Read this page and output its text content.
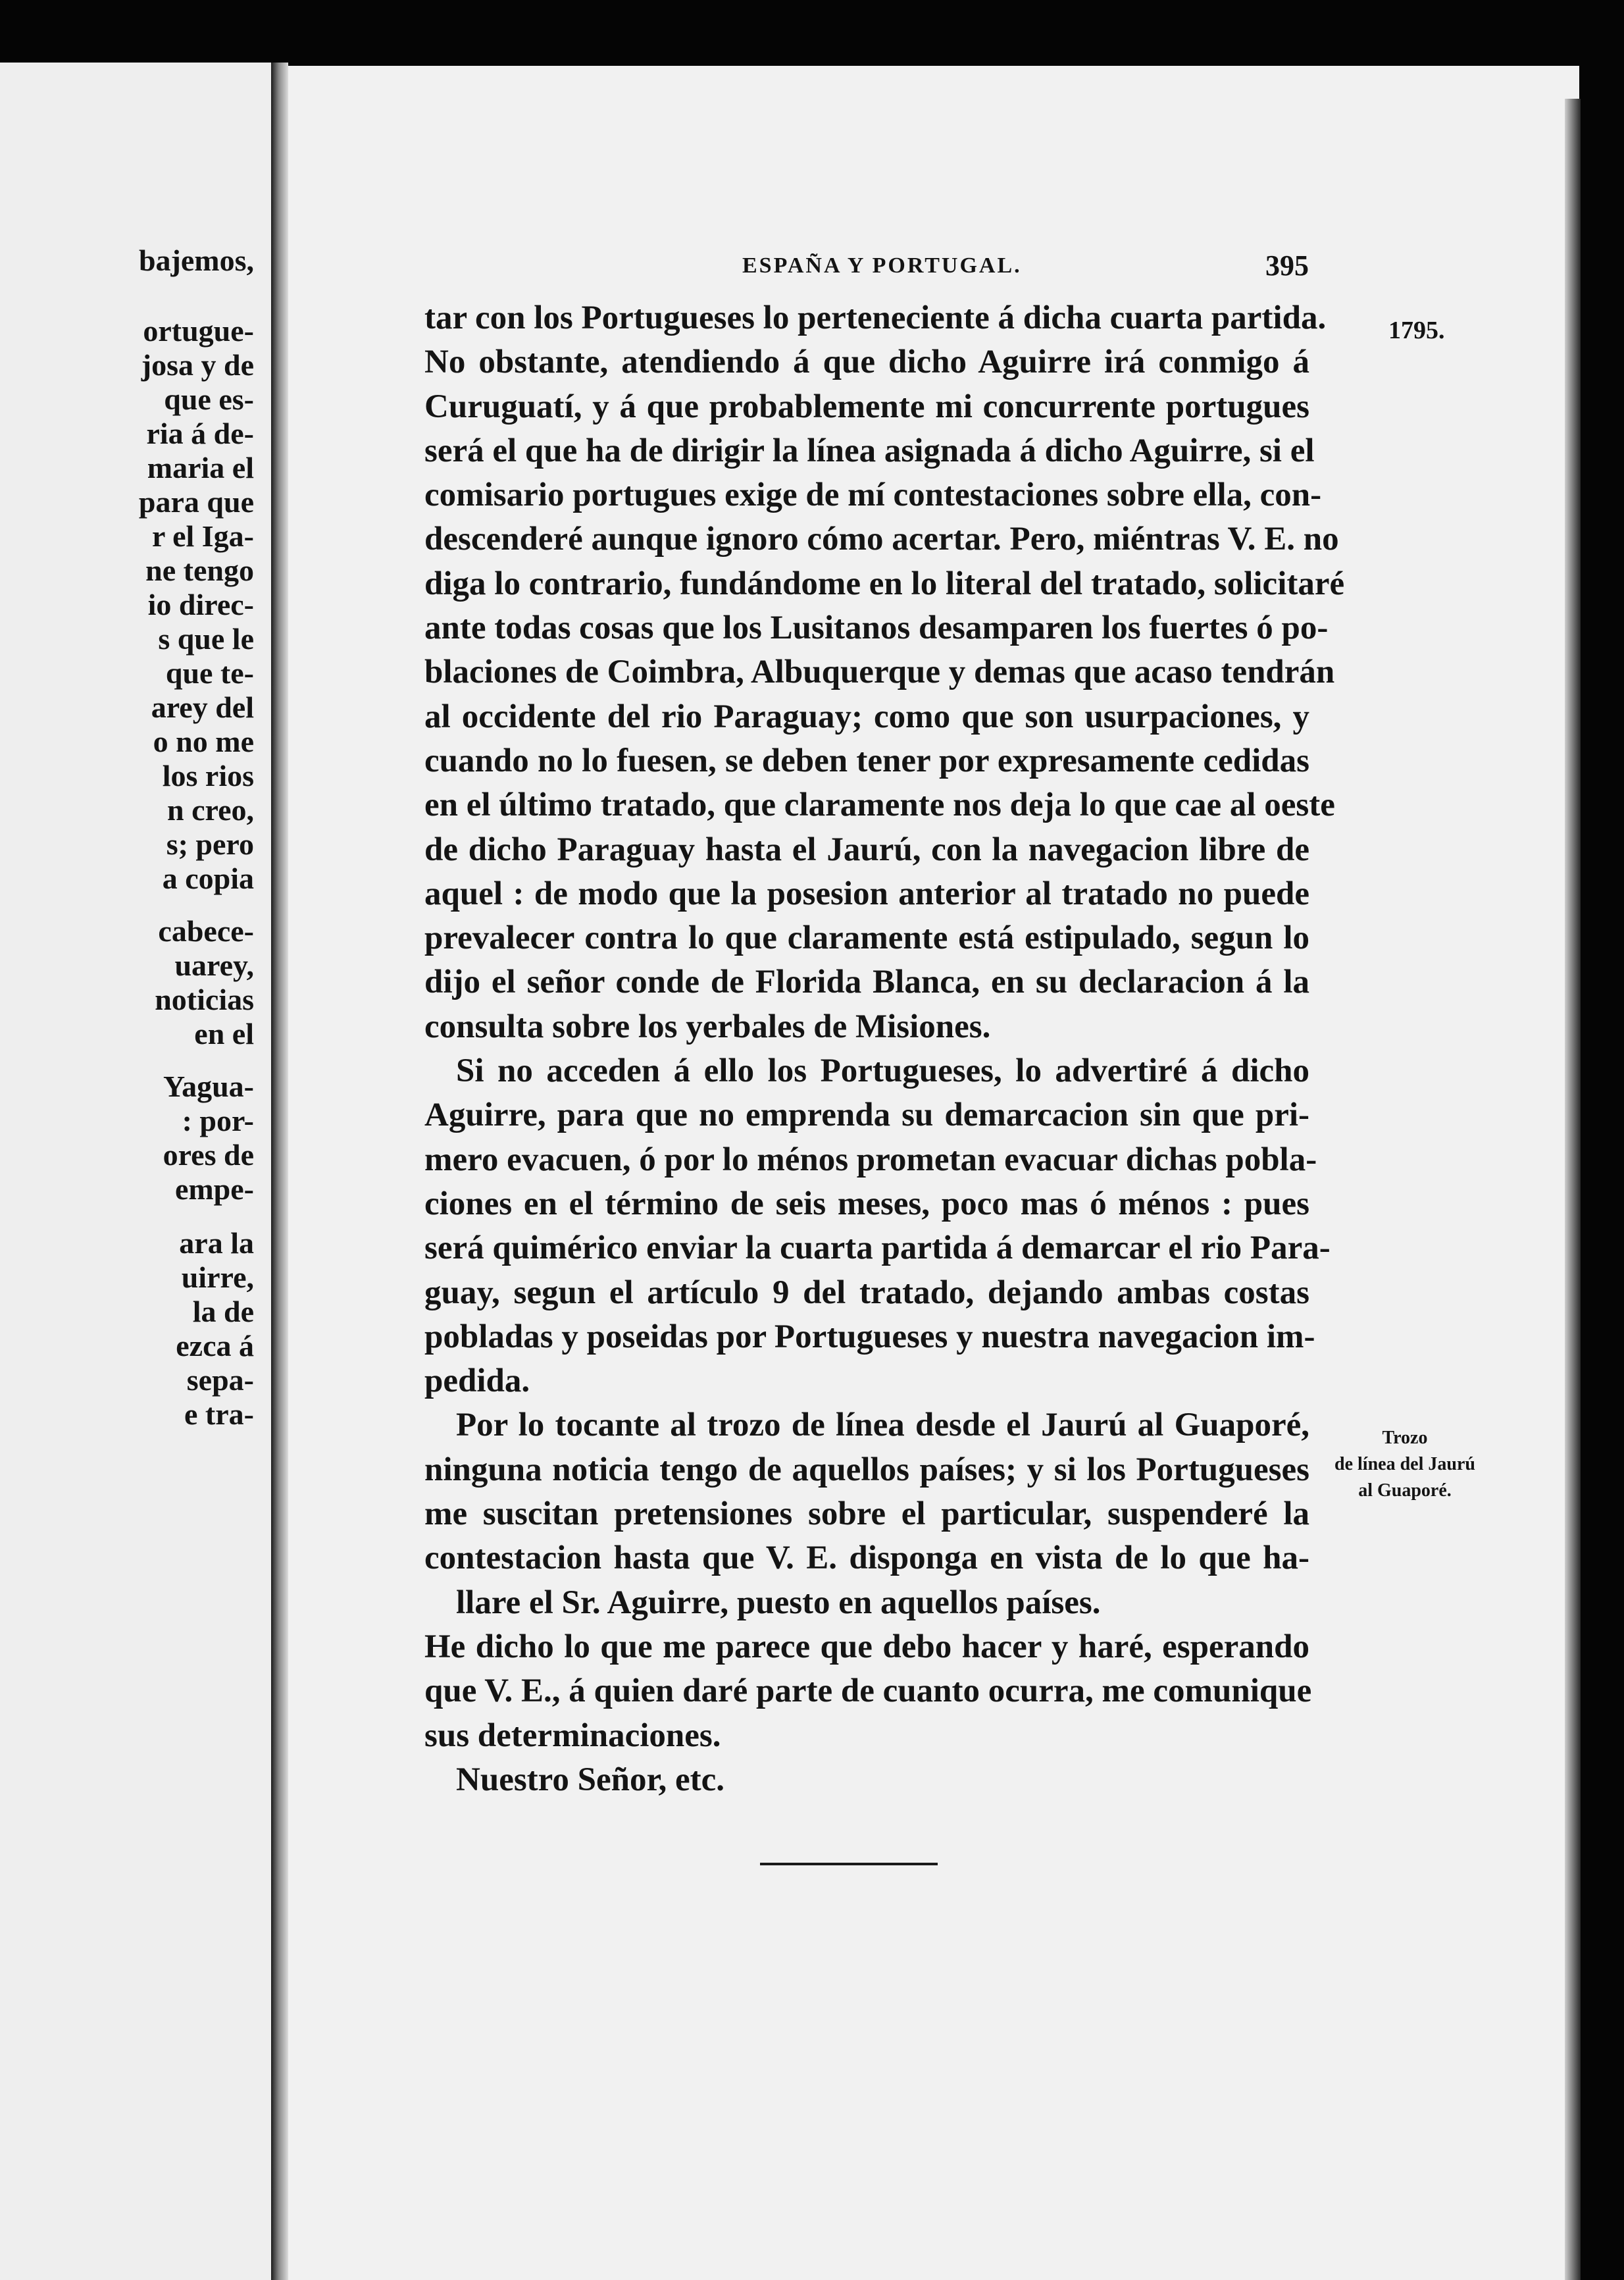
bajemos,
ortugue-
josa y de
que es-
ria á de-
maria el
para que
r el Iga-
ne tengo
io direc-
s que le
que te-
arey del
o no me
los rios
n creo,
s; pero
a copia
cabece-
uarey,
noticias
en el
Yagua-
: por-
ores de
empe-
ara la
uirre,
la de
ezca á
sepa-
e tra-
ESPAÑA Y PORTUGAL.	395
1795.
Trozo
de línea del Jaurú
al Guaporé.
tar con los Portugueses lo perteneciente á dicha cuarta partida.
No obstante, atendiendo á que dicho Aguirre irá conmigo á
Curuguatí, y á que probablemente mi concurrente portugues
será el que ha de dirigir la línea asignada á dicho Aguirre, si el
comisario portugues exige de mí contestaciones sobre ella, con-
descenderé aunque ignoro cómo acertar. Pero, miéntras V. E. no
diga lo contrario, fundándome en lo literal del tratado, solicitaré
ante todas cosas que los Lusitanos desamparen los fuertes ó po-
blaciones de Coimbra, Albuquerque y demas que acaso tendrán
al occidente del rio Paraguay; como que son usurpaciones, y
cuando no lo fuesen, se deben tener por expresamente cedidas
en el último tratado, que claramente nos deja lo que cae al oeste
de dicho Paraguay hasta el Jaurú, con la navegacion libre de
aquel : de modo que la posesion anterior al tratado no puede
prevalecer contra lo que claramente está estipulado, segun lo
dijo el señor conde de Florida Blanca, en su declaracion á la
consulta sobre los yerbales de Misiones.
Si no acceden á ello los Portugueses, lo advertiré á dicho
Aguirre, para que no emprenda su demarcacion sin que pri-
mero evacuen, ó por lo ménos prometan evacuar dichas pobla-
ciones en el término de seis meses, poco mas ó ménos : pues
será quimérico enviar la cuarta partida á demarcar el rio Para-
guay, segun el artículo 9 del tratado, dejando ambas costas
pobladas y poseidas por Portugueses y nuestra navegacion im-
pedida.
Por lo tocante al trozo de línea desde el Jaurú al Guaporé,
ninguna noticia tengo de aquellos países; y si los Portugueses
me suscitan pretensiones sobre el particular, suspenderé la
contestacion hasta que V. E. disponga en vista de lo que ha-
llare el Sr. Aguirre, puesto en aquellos países.
He dicho lo que me parece que debo hacer y haré, esperando
que V. E., á quien daré parte de cuanto ocurra, me comunique
sus determinaciones.
Nuestro Señor, etc.
